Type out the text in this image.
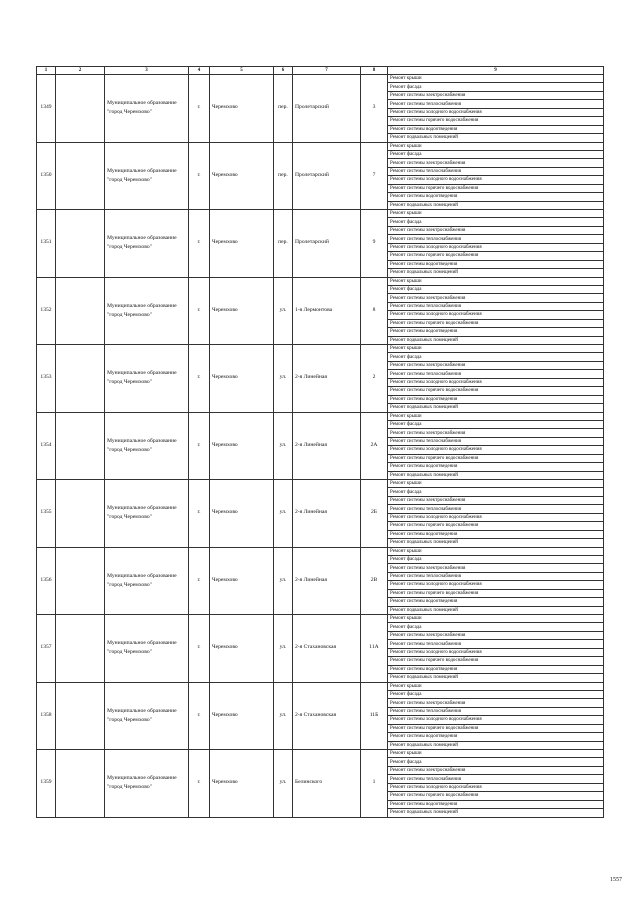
1	2	3	4	5	6	7	8	9
1349		Муниципальное образование "город Черемхово"	г.	Черемхово	пер.	Пролетарский	3	Ремонт крыши
								Ремонт фасада
								Ремонт системы электроснабжения
								Ремонт системы теплоснабжения
								Ремонт системы холодного водоснабжения
								Ремонт системы горячего водоснабжения
								Ремонт системы водоотведения
								Ремонт подвальных помещений
1350		Муниципальное образование "город Черемхово"	г.	Черемхово	пер.	Пролетарский	7	Ремонт крыши
								Ремонт фасада
								Ремонт системы электроснабжения
								Ремонт системы теплоснабжения
								Ремонт системы холодного водоснабжения
								Ремонт системы горячего водоснабжения
								Ремонт системы водоотведения
								Ремонт подвальных помещений
1351		Муниципальное образование "город Черемхово"	г.	Черемхово	пер.	Пролетарский	9	Ремонт крыши
								Ремонт фасада
								Ремонт системы электроснабжения
								Ремонт системы теплоснабжения
								Ремонт системы холодного водоснабжения
								Ремонт системы горячего водоснабжения
								Ремонт системы водоотведения
								Ремонт подвальных помещений
1352		Муниципальное образование "город Черемхово"	г.	Черемхово	ул.	1-я Лермонтова	8	Ремонт крыши
								Ремонт фасада
								Ремонт системы электроснабжения
								Ремонт системы теплоснабжения
								Ремонт системы холодного водоснабжения
								Ремонт системы горячего водоснабжения
								Ремонт системы водоотведения
								Ремонт подвальных помещений
1353		Муниципальное образование "город Черемхово"	г.	Черемхово	ул.	2-я Линейная	2	Ремонт крыши
								Ремонт фасада
								Ремонт системы электроснабжения
								Ремонт системы теплоснабжения
								Ремонт системы холодного водоснабжения
								Ремонт системы горячего водоснабжения
								Ремонт системы водоотведения
								Ремонт подвальных помещений
1354		Муниципальное образование "город Черемхово"	г.	Черемхово	ул.	2-я Линейная	2А	Ремонт крыши
								Ремонт фасада
								Ремонт системы электроснабжения
								Ремонт системы теплоснабжения
								Ремонт системы холодного водоснабжения
								Ремонт системы горячего водоснабжения
								Ремонт системы водоотведения
								Ремонт подвальных помещений
1355		Муниципальное образование "город Черемхово"	г.	Черемхово	ул.	2-я Линейная	2Б	Ремонт крыши
								Ремонт фасада
								Ремонт системы электроснабжения
								Ремонт системы теплоснабжения
								Ремонт системы холодного водоснабжения
								Ремонт системы горячего водоснабжения
								Ремонт системы водоотведения
								Ремонт подвальных помещений
1356		Муниципальное образование "город Черемхово"	г.	Черемхово	ул.	2-я Линейная	2В	Ремонт крыши
								Ремонт фасада
								Ремонт системы электроснабжения
								Ремонт системы теплоснабжения
								Ремонт системы холодного водоснабжения
								Ремонт системы горячего водоснабжения
								Ремонт системы водоотведения
								Ремонт подвальных помещений
1357		Муниципальное образование "город Черемхово"	г.	Черемхово	ул.	2-я Стахановская	11А	Ремонт крыши
								Ремонт фасада
								Ремонт системы электроснабжения
								Ремонт системы теплоснабжения
								Ремонт системы холодного водоснабжения
								Ремонт системы горячего водоснабжения
								Ремонт системы водоотведения
								Ремонт подвальных помещений
1358		Муниципальное образование "город Черемхово"	г.	Черемхово	ул.	2-я Стахановская	11Б	Ремонт крыши
								Ремонт фасада
								Ремонт системы электроснабжения
								Ремонт системы теплоснабжения
								Ремонт системы холодного водоснабжения
								Ремонт системы горячего водоснабжения
								Ремонт системы водоотведения
								Ремонт подвальных помещений
1359		Муниципальное образование "город Черемхово"	г.	Черемхово	ул.	Белинского	1	Ремонт крыши
								Ремонт фасада
								Ремонт системы электроснабжения
								Ремонт системы теплоснабжения
								Ремонт системы холодного водоснабжения
								Ремонт системы горячего водоснабжения
								Ремонт системы водоотведения
								Ремонт подвальных помещений
1557
